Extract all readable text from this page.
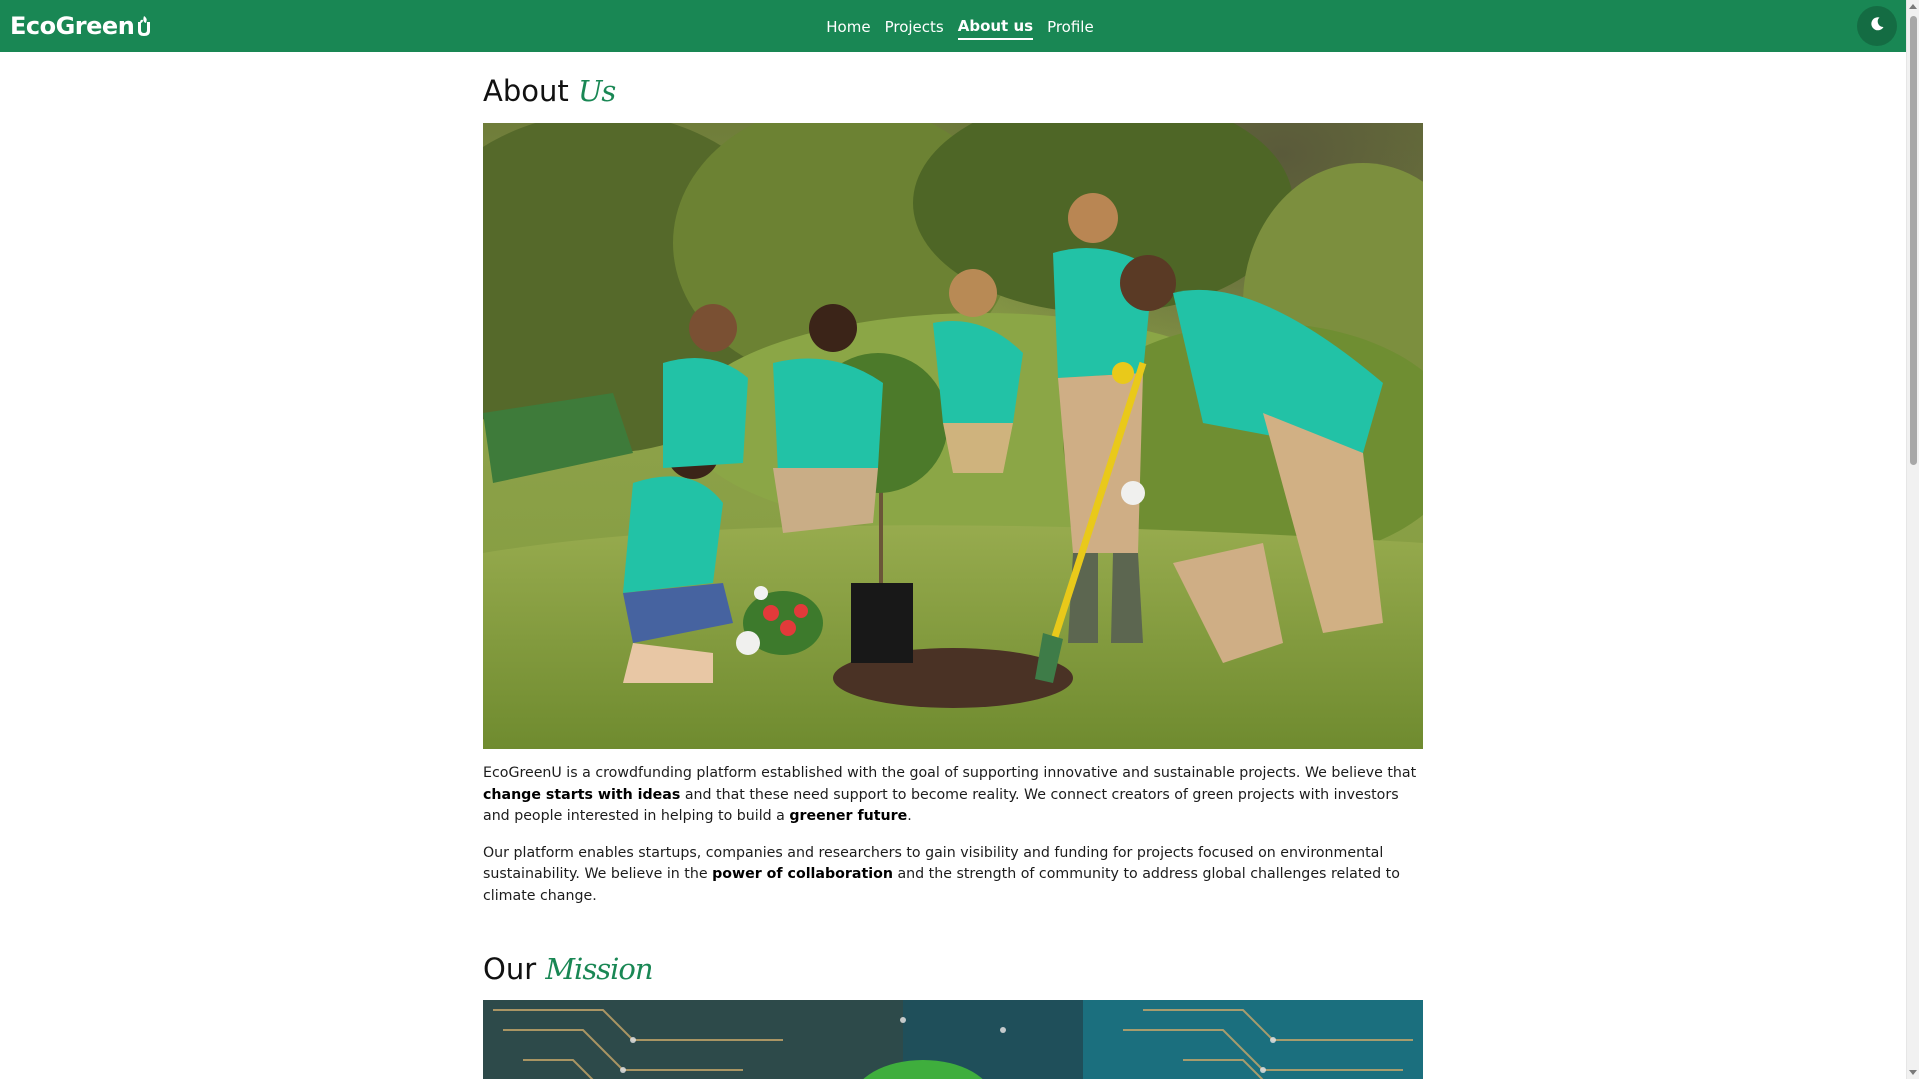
EcoGreen	Home Projects About us Profile
About Us

EcoGreenU is a crowdfunding platform established with the goal of supporting innovative and sustainable projects. We believe that change starts with ideas and that these need support to become reality. We connect creators of green projects with investors and people interested in helping to build a greener future.

Our platform enables startups, companies and researchers to gain visibility and funding for projects focused on environmental sustainability. We believe in the power of collaboration and the strength of community to address global challenges related to climate change.

Our Mission
